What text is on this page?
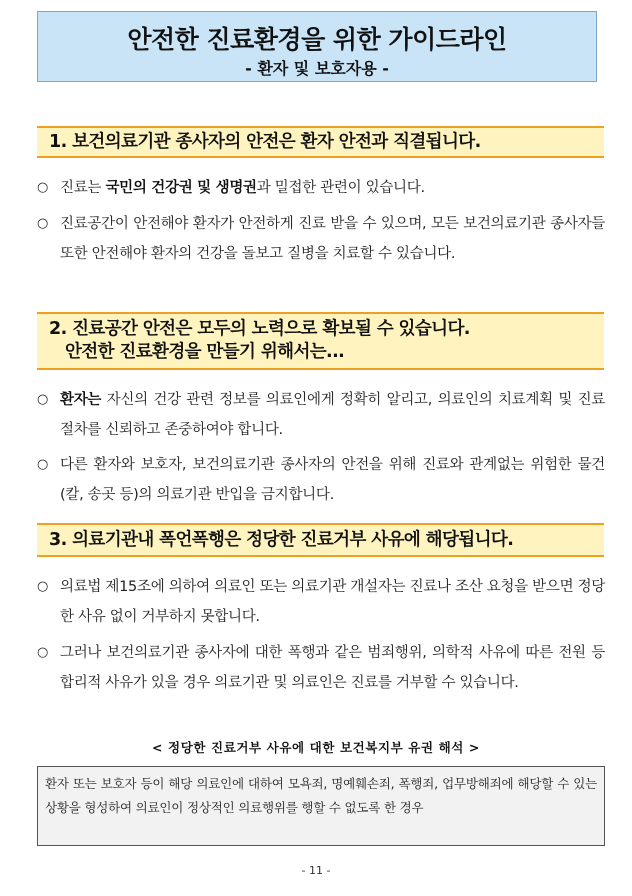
안전한 진료환경을 위한 가이드라인
- 환자 및 보호자용 -
1. 보건의료기관 종사자의 안전은 환자 안전과 직결됩니다.
○ 진료는 국민의 건강권 및 생명권과 밀접한 관련이 있습니다.
○ 진료공간이 안전해야 환자가 안전하게 진료 받을 수 있으며, 모든 보건의료기관 종사자들 또한 안전해야 환자의 건강을 돌보고 질병을 치료할 수 있습니다.
2. 진료공간 안전은 모두의 노력으로 확보될 수 있습니다.
안전한 진료환경을 만들기 위해서는...
○ 환자는 자신의 건강 관련 정보를 의료인에게 정확히 알리고, 의료인의 치료계획 및 진료절차를 신뢰하고 존중하여야 합니다.
○ 다른 환자와 보호자, 보건의료기관 종사자의 안전을 위해 진료와 관계없는 위험한 물건(칼, 송곳 등)의 의료기관 반입을 금지합니다.
3. 의료기관내 폭언폭행은 정당한 진료거부 사유에 해당됩니다.
○ 의료법 제15조에 의하여 의료인 또는 의료기관 개설자는 진료나 조산 요청을 받으면 정당한 사유 없이 거부하지 못합니다.
○ 그러나 보건의료기관 종사자에 대한 폭행과 같은 범죄행위, 의학적 사유에 따른 전원 등 합리적 사유가 있을 경우 의료기관 및 의료인은 진료를 거부할 수 있습니다.
< 정당한 진료거부 사유에 대한 보건복지부 유권 해석 >
환자 또는 보호자 등이 해당 의료인에 대하여 모욕죄, 명예훼손죄, 폭행죄, 업무방해죄에 해당할 수 있는 상황을 형성하여 의료인이 정상적인 의료행위를 행할 수 없도록 한 경우
- 11 -
